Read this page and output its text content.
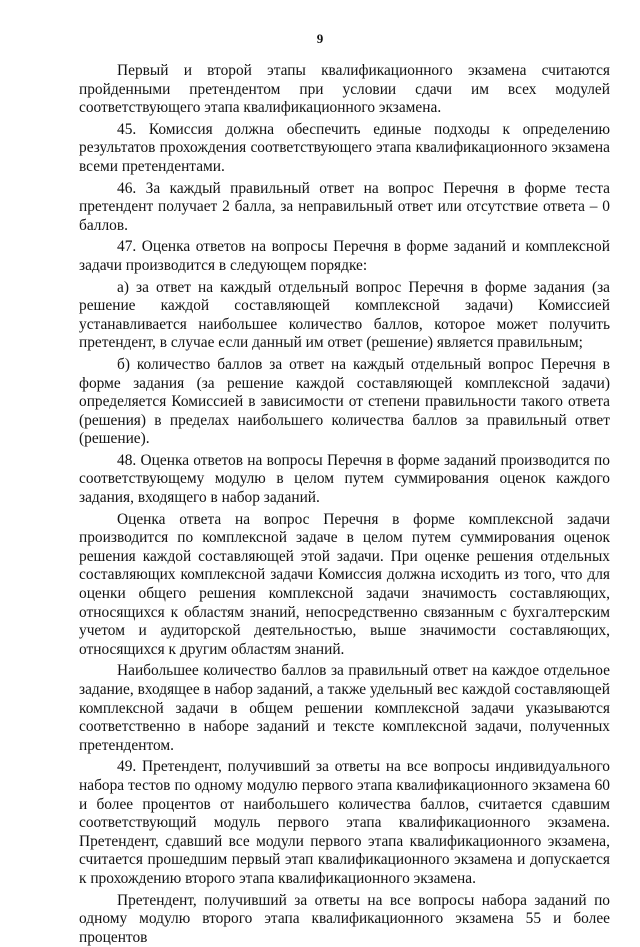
9

Первый и второй этапы квалификационного экзамена считаются пройденными претендентом при условии сдачи им всех модулей соответствующего этапа квалификационного экзамена.

45. Комиссия должна обеспечить единые подходы к определению результатов прохождения соответствующего этапа квалификационного экзамена всеми претендентами.

46. За каждый правильный ответ на вопрос Перечня в форме теста претендент получает 2 балла, за неправильный ответ или отсутствие ответа – 0 баллов.

47. Оценка ответов на вопросы Перечня в форме заданий и комплексной задачи производится в следующем порядке:

а) за ответ на каждый отдельный вопрос Перечня в форме задания (за решение каждой составляющей комплексной задачи) Комиссией устанавливается наибольшее количество баллов, которое может получить претендент, в случае если данный им ответ (решение) является правильным;

б) количество баллов за ответ на каждый отдельный вопрос Перечня в форме задания (за решение каждой составляющей комплексной задачи) определяется Комиссией в зависимости от степени правильности такого ответа (решения) в пределах наибольшего количества баллов за правильный ответ (решение).

48. Оценка ответов на вопросы Перечня в форме заданий производится по соответствующему модулю в целом путем суммирования оценок каждого задания, входящего в набор заданий.

Оценка ответа на вопрос Перечня в форме комплексной задачи производится по комплексной задаче в целом путем суммирования оценок решения каждой составляющей этой задачи. При оценке решения отдельных составляющих комплексной задачи Комиссия должна исходить из того, что для оценки общего решения комплексной задачи значимость составляющих, относящихся к областям знаний, непосредственно связанным с бухгалтерским учетом и аудиторской деятельностью, выше значимости составляющих, относящихся к другим областям знаний.

Наибольшее количество баллов за правильный ответ на каждое отдельное задание, входящее в набор заданий, а также удельный вес каждой составляющей комплексной задачи в общем решении комплексной задачи указываются соответственно в наборе заданий и тексте комплексной задачи, полученных претендентом.

49. Претендент, получивший за ответы на все вопросы индивидуального набора тестов по одному модулю первого этапа квалификационного экзамена 60 и более процентов от наибольшего количества баллов, считается сдавшим соответствующий модуль первого этапа квалификационного экзамена. Претендент, сдавший все модули первого этапа квалификационного экзамена, считается прошедшим первый этап квалификационного экзамена и допускается к прохождению второго этапа квалификационного экзамена.

Претендент, получивший за ответы на все вопросы набора заданий по одному модулю второго этапа квалификационного экзамена 55 и более процентов
